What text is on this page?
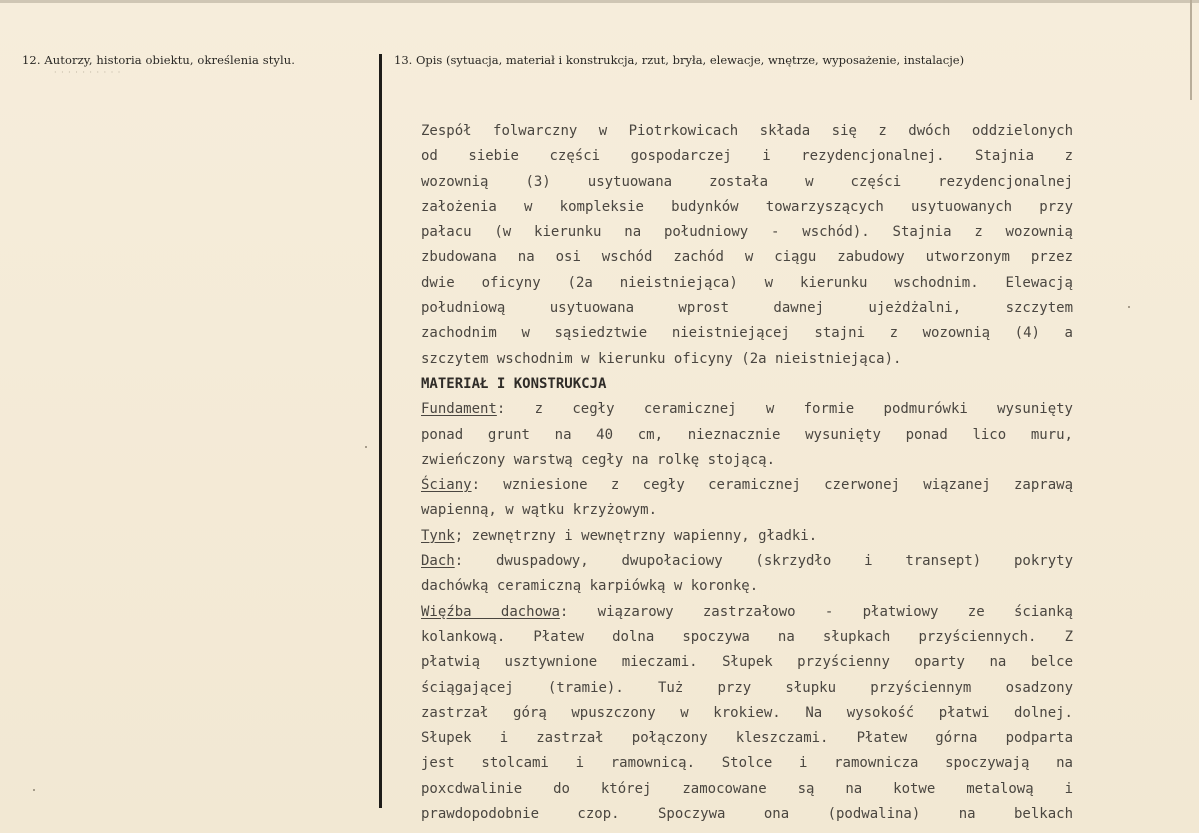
12. Autorzy, historia obiektu, określenia stylu.
· · · · · · · · · ·
13. Opis (sytuacja, materiał i konstrukcja, rzut, bryła, elewacje, wnętrze, wyposażenie, instalacje)
Zespół folwarczny w Piotrkowicach składa się z dwóch oddzielonych
od siebie części gospodarczej i rezydencjonalnej. Stajnia z
wozownią (3) usytuowana została w części rezydencjonalnej
założenia w kompleksie budynków towarzyszących usytuowanych przy
pałacu (w kierunku na południowy - wschód). Stajnia z wozownią
zbudowana na osi wschód zachód w ciągu zabudowy utworzonym przez
dwie oficyny (2a nieistniejąca) w kierunku wschodnim. Elewacją
południową usytuowana wprost dawnej ujeżdżalni, szczytem
zachodnim w sąsiedztwie nieistniejącej stajni z wozownią (4) a
szczytem wschodnim w kierunku oficyny (2a nieistniejąca).
MATERIAŁ I KONSTRUKCJA
Fundament: z cegły ceramicznej w formie podmurówki wysunięty
ponad grunt na 40 cm, nieznacznie wysunięty ponad lico muru,
zwieńczony warstwą cegły na rolkę stojącą.
Ściany: wzniesione z cegły ceramicznej czerwonej wiązanej zaprawą
wapienną, w wątku krzyżowym.
Tynk; zewnętrzny i wewnętrzny wapienny, gładki.
Dach: dwuspadowy, dwupołaciowy (skrzydło i transept) pokryty
dachówką ceramiczną karpiówką w koronkę.
Więźba dachowa: wiązarowy zastrzałowo - płatwiowy ze ścianką
kolankową. Płatew dolna spoczywa na słupkach przyściennych. Z
płatwią usztywnione mieczami. Słupek przyścienny oparty na belce
ściągającej (tramie). Tuż przy słupku przyściennym osadzony
zastrzał górą wpuszczony w krokiew. Na wysokość płatwi dolnej.
Słupek i zastrzał połączony kleszczami. Płatew górna podparta
jest stolcami i ramownicą. Stolce i ramownicza spoczywają na
poxcdwalinie do której zamocowane są na kotwe metalową i
prawdopodobnie czop. Spoczywa ona (podwalina) na belkach
